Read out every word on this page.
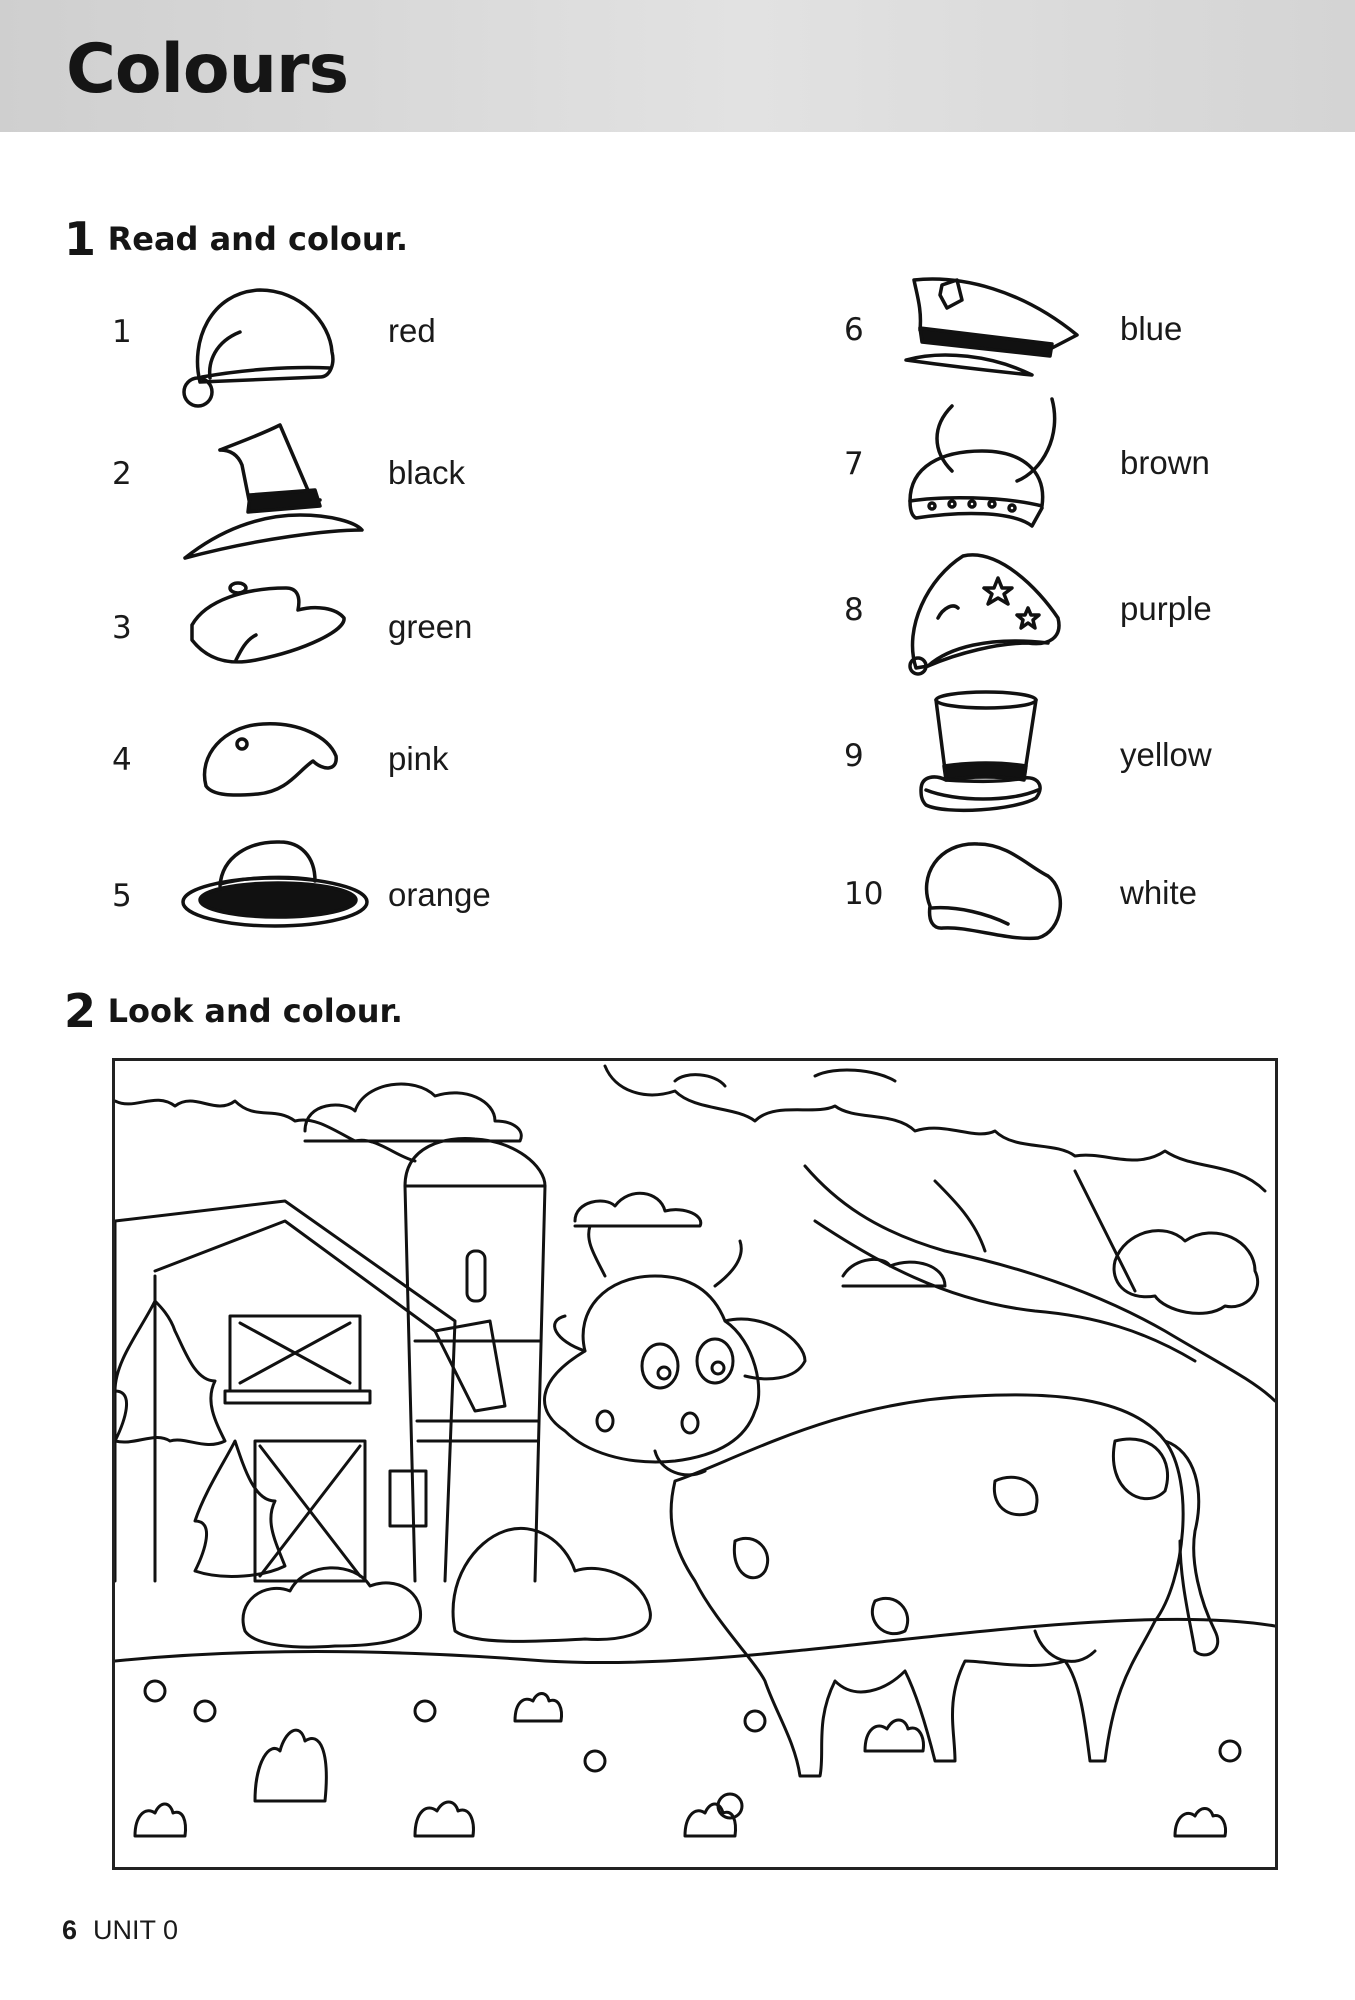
Colours
1 Read and colour.
1	red
2	black
3	green
4	pink
5	orange
6	blue
7	brown
8	purple
9	yellow
10	white
2 Look and colour.
6 UNIT 0
